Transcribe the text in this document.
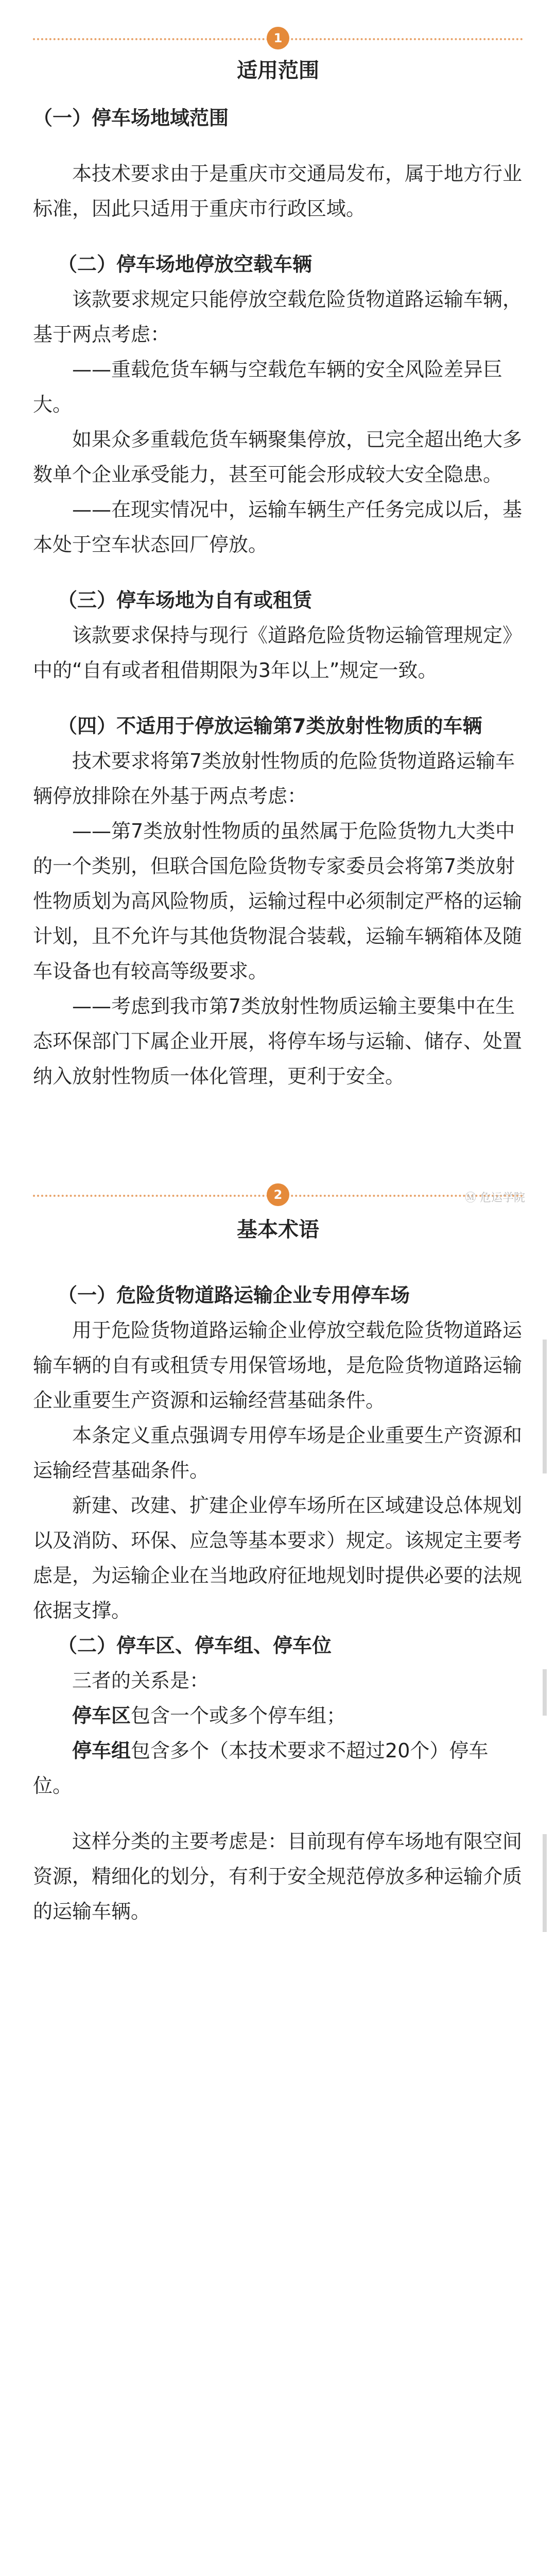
1
适用范围

（一）停车场地域范围

本技术要求由于是重庆市交通局发布，属于地方行业标准，因此只适用于重庆市行政区域。

（二）停车场地停放空载车辆

该款要求规定只能停放空载危险货物道路运输车辆，基于两点考虑：

——重载危货车辆与空载危车辆的安全风险差异巨大。

如果众多重载危货车辆聚集停放，已完全超出绝大多数单个企业承受能力，甚至可能会形成较大安全隐患。

——在现实情况中，运输车辆生产任务完成以后，基本处于空车状态回厂停放。

（三）停车场地为自有或租赁

该款要求保持与现行《道路危险货物运输管理规定》中的“自有或者租借期限为3年以上”规定一致。

（四）不适用于停放运输第7类放射性物质的车辆

技术要求将第7类放射性物质的危险货物道路运输车辆停放排除在外基于两点考虑：

——第7类放射性物质的虽然属于危险货物九大类中的一个类别，但联合国危险货物专家委员会将第7类放射性物质划为高风险物质，运输过程中必须制定严格的运输计划，且不允许与其他货物混合装载，运输车辆箱体及随车设备也有较高等级要求。

——考虑到我市第7类放射性物质运输主要集中在生态环保部门下属企业开展，将停车场与运输、储存、处置纳入放射性物质一体化管理，更利于安全。

2	Ⓜ 危运学院
基本术语

（一）危险货物道路运输企业专用停车场

用于危险货物道路运输企业停放空载危险货物道路运输车辆的自有或租赁专用保管场地，是危险货物道路运输企业重要生产资源和运输经营基础条件。

本条定义重点强调专用停车场是企业重要生产资源和运输经营基础条件。

新建、改建、扩建企业停车场所在区域建设总体规划以及消防、环保、应急等基本要求）规定。该规定主要考虑是，为运输企业在当地政府征地规划时提供必要的法规依据支撑。

（二）停车区、停车组、停车位

三者的关系是：

停车区包含一个或多个停车组；

停车组包含多个（本技术要求不超过20个）停车位。

这样分类的主要考虑是：目前现有停车场地有限空间资源，精细化的划分，有利于安全规范停放多种运输介质的运输车辆。
